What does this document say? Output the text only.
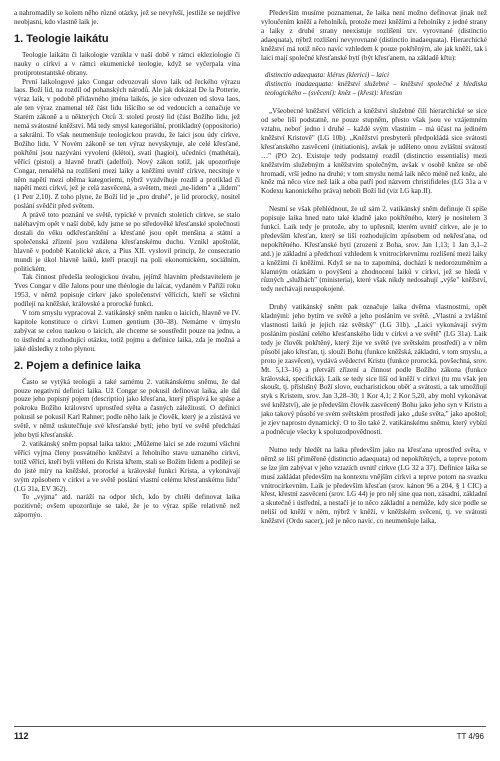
a nahromadily se kolem něho různé otázky, jež se nevyřeší, jestliže se nejdříve neobjasní, kdo vlastně laik je.

1. Teologie laikátu

Teologie laikátu či laikologie vznikla v naší době v rámci ekleziologie či nauky o církvi a v rámci ekumenické teologie, když se vyčerpala vina protiprotestantské obrany.

První laikologové jako Congar odvozovali slovo laik od řeckého výrazu laos. Boží lid, na rozdíl od pohanských národů. Ale jak dokázal De la Potterie, výraz laik, v podobě přídavného jména laikós, je sice odvozen od slova laos, ale ten výraz znamenal též část lidu lišícího se od vedoucích a označuje ve Starém zákoně a u některých Otců 3. století prostý lid (část Božího lidu, jež nemá svátostné kněžství. Má tedy smysl kategoriální, protikladný (oppositorio) a sakrální. To však neumenšuje teologickou pravdu, že laici jsou údy církve, Božího lidu. V Novém zákoně se ten výraz nevyskytuje, ale celé křesťané, pokřtění jsou nazýváni vyvolení (klétoi), svatí (hagioi), učedníci (mathétai), věřící (pistoi) a hlavně bratři (adelfoi). Nový zákon totiž, jak upozorňuje Congar, nenaléhá na rozlišení mezi laiky a kněžími uvnitř církve, necsituje v něm napětí mezi oběma kategoriemi, nýbrž vyzdvihuje rozdíl a protiklad či napětí mezi církví, jež je celá zasvěcená, a světem, mezi „ne-lidem" a „lidem" (1 Petr 2,10). Z toho plyne, že Boží lid je „pro druhé", je lid prorocký, nositel poslání svědčit před světem.

A právě toto poznání ve světě, typické v prvních stoletích církve, se stalo naléhavým opět v naší době, kdy jsme se po středověké křesťanské společnosti dostali do věku odkřesťanštění a křesťané jsou opět menšina a státní a společenská zřízení jsou vzdálena křesťanskému duchu. Vznikl apoštolát, hlavně v podobě Katolické akce, a Pius XII. vyslovil princip, že consecratio mundi je úkol hlavně laiků, kteří pracují na poli ekonomickém, sociálním, politickém.

Tak činnost předešla teologickou úvahu, jejímž hlavním představitelem je Yves Congar v díle Jalons pour une théologie du laïcat, vydaném v Paříži roku 1953, v němž popisuje církev jako společenství věřících, kteří se všichni podílejí na kněžské, královské a prorocké funkci.

V tom smyslu vypracoval 2. vatikánský sněm nauku o laicích, hlavně ve IV. kapitole konstituce o církvi Lumen gentium (30–38). Nemáme v úmyslu zabývat se celou naukou o laicích, ale chceme se soustředit pouze na jednu, a to ústřední a rozhodující otázku, totiž pojmu a definice laika, zda je možná a jaké důsledky z toho plynou.

2. Pojem a definice laika

Často se vytýká teologii a také samému 2. vatikánskému sněmu, že dal pouze negativní definici laika. Už Congar se pokusil definovat laika, ale dal pouze jeho popisný pojem (descriptio) jako křesťana, který přispívá ke spáse a pokroku Božího království uprostřed světa a časných záležitostí. O definici pokusil se pokusil Karl Rahner; podle něho laik je člověk, který je a zůstává ve světě, v němž uskutečňuje své křesťanské bytí; jeho bytí ve světě předchází jeho bytí křesťanské.

2. vatikánský sněm popsal laika takto: „Můžeme laici se zde rozumí všichni věřící vyjma členy posvátného kněžství a řeholního stavu uznaného církví, totiž věřící, kteří byli vtěleni do Krista křtem, stali se Božím lidem a podílejí se do jisté míry na kněžské, prorocké a královské funkci Krista, a vykonávají svým způsobem v církvi a ve světě poslání vlastní celému křesťanskému lidu" (LG 31a, EV 362).

To „vyjma" atd. naráží na odpor těch, kdo by chtěli definovat laika pozitivně; ovšem upozorňuje se také, že je to výraz spíše relativně než zápornýo.

Především musíme poznamenat, že laika není možno definovat jinak než vyloučením kněží a řeholníků, protože mezi kněžími a řeholníky z jedné strany a laiky z druhé strany neexistuje rozlišení tzv. vyrovnané (distinctio adaequata), nýbrž rozlišení nevyrovnané (distinctio inadaequata). Hierarchické kněžství má totiž něco navíc vzhledem k pouze pokřtěným, ale jak kněží, tak i laici mají společné křesťanské bytí (být křesťanem, na základě křtu):

distinctio adaequata: klérus (klerici) – laici

distinctio inadaequata: kněžství služebné – kněžství společné z hlediska teologického – (svěcení): kněz – (křest): křesťan

„Všeobecné kněžství věřících a kněžství služebné čili hierarchické se sice od sebe liší podstatně, ne pouze stupněm, přesto však jsou ve vzájemném vztahu, neboť jedno i druhé – každé svým vlastním – má účast na jediném kněžství Kristově" (LG 10b). „Kněžství presbyterů předpokládá sice svátosti křesťanského zasvěcení (initiationis), avšak je uděleno onou zvláštní svátostí …" (PO 2c). Existuje tedy podstatný rozdíl (distinctio essentialis) mezi kněžstvím služebným a kněžstvím společným, avšak v osobě kněze se obě hromadí, vrší jedno na druhé; v tom smyslu nemá laik něco méně než kněz, ale kněz má něco více než laik a oba patří pod názvem christifideles (LG 31a a v Kodexu kanonického práva) neboli Boží lid (viz LG kap.II).

Nesmí se však přehlédnout, že už sám 2. vatikánský sněm definuje či spíše popisuje laika hned nato také kladně jako pokřtěného, který je nositelem 3 funkcí. Laik tedy je protože, aby to upřesnil, kterém uvnitř církve, ale je to především křesťan, který se liší rozhodujícím způsobem od nekřesťana, od nepokřtěného. Křesťanské bytí (zrození z Boha, srov. Jan 1,13; 1 Jan 3,1–2 atd.) je základní a předchozí vzhledem k vnitrocírkevnímu rozlišení mezi laiky a kněžími či kněžími. Když se na to zapomíná, dochází k nedorozuměním a klamným otázkám o povýšení a zhodnocení laiků v církvi, jež se hledá v různých „službách" (ministeria), které však nikdy nedosahují „výše" kněžství, tedy nechávají neuspokojené.

Druhý vatikánský sněm pak označuje laika dvěma vlastnostmi, opět kladnými: jeho bytím ve světě a jeho posláním ve světě. „Vlastní a zvláštní vlastností laiků je jejich ráz světský" (LG 31b). „Laici vykonávají svým posláním poslání celého křesťanského lidu v církvi a ve světě" (LG 31a). Laik tedy je člověk pokřtěný, který žije ve světě (ve světském prostředí) a v něm působí jako křesťan, tj. slouží Bohu (funkce kněžská, základní, v tom smyslu, a proto je zasvěcen), vydává svědectví Kristu (funkce prorocká, povšechná, srov. Mt. 5,13–16) a přetváří zřízení a činnost podle Božího zákona (funkce královská, specifická). Laik se tedy sice liší od kněží v církvi (tu mu však jen skoušt, tj. příslušný Boží slovo, eucharistickou oběť a svátosti, a tak umožňují styk s Kristem, srov. Jan 3,28–30; 1 Kor 4,1; 2 Kor 5,20, aby mohl vykonávat své kněžství), ale je především člověk zasvěcený Bohu jako jeho syn v Kristu a jako takový působí ve svém světském prostředí jako „duše světa," jako apoštol; je zjev naprosto dynamický. O to šlo také 2. vatikánskému sněmu, který vybízí a podněcuje všecky k spoluzodpovědnosti.

Nutno tedy hledět na laika především jako na křesťana uprostřed světa, v němž se liší přiměřeně (distinctio adaequata) od nepokřtěných, a teprve potom se lze jím zabývat v jeho vztazích uvnitř církve (LG 32 a 37). Definice laika se musí zakládat především na kontextu vnějším církvi a teprve potom na svazku vnitrocírkevním. Laik je především křesťan (srov. kánon 96 a 204, § 1 CIC) a křest, křestní zasvěcení (srov. LG 44) je pro něj sine qua non, zásadní, základní a skutečné i ústřední, a nestačí je to něco základní a nemůže, kdy sice podle se neliší od kněží v něm, nýbrž v kněží, v kněžském svěcení, tj. ve svátosti kněžství (Ordo sacer), jež je něco navíc, co neumenšuje laika,

112	TT 4/96
